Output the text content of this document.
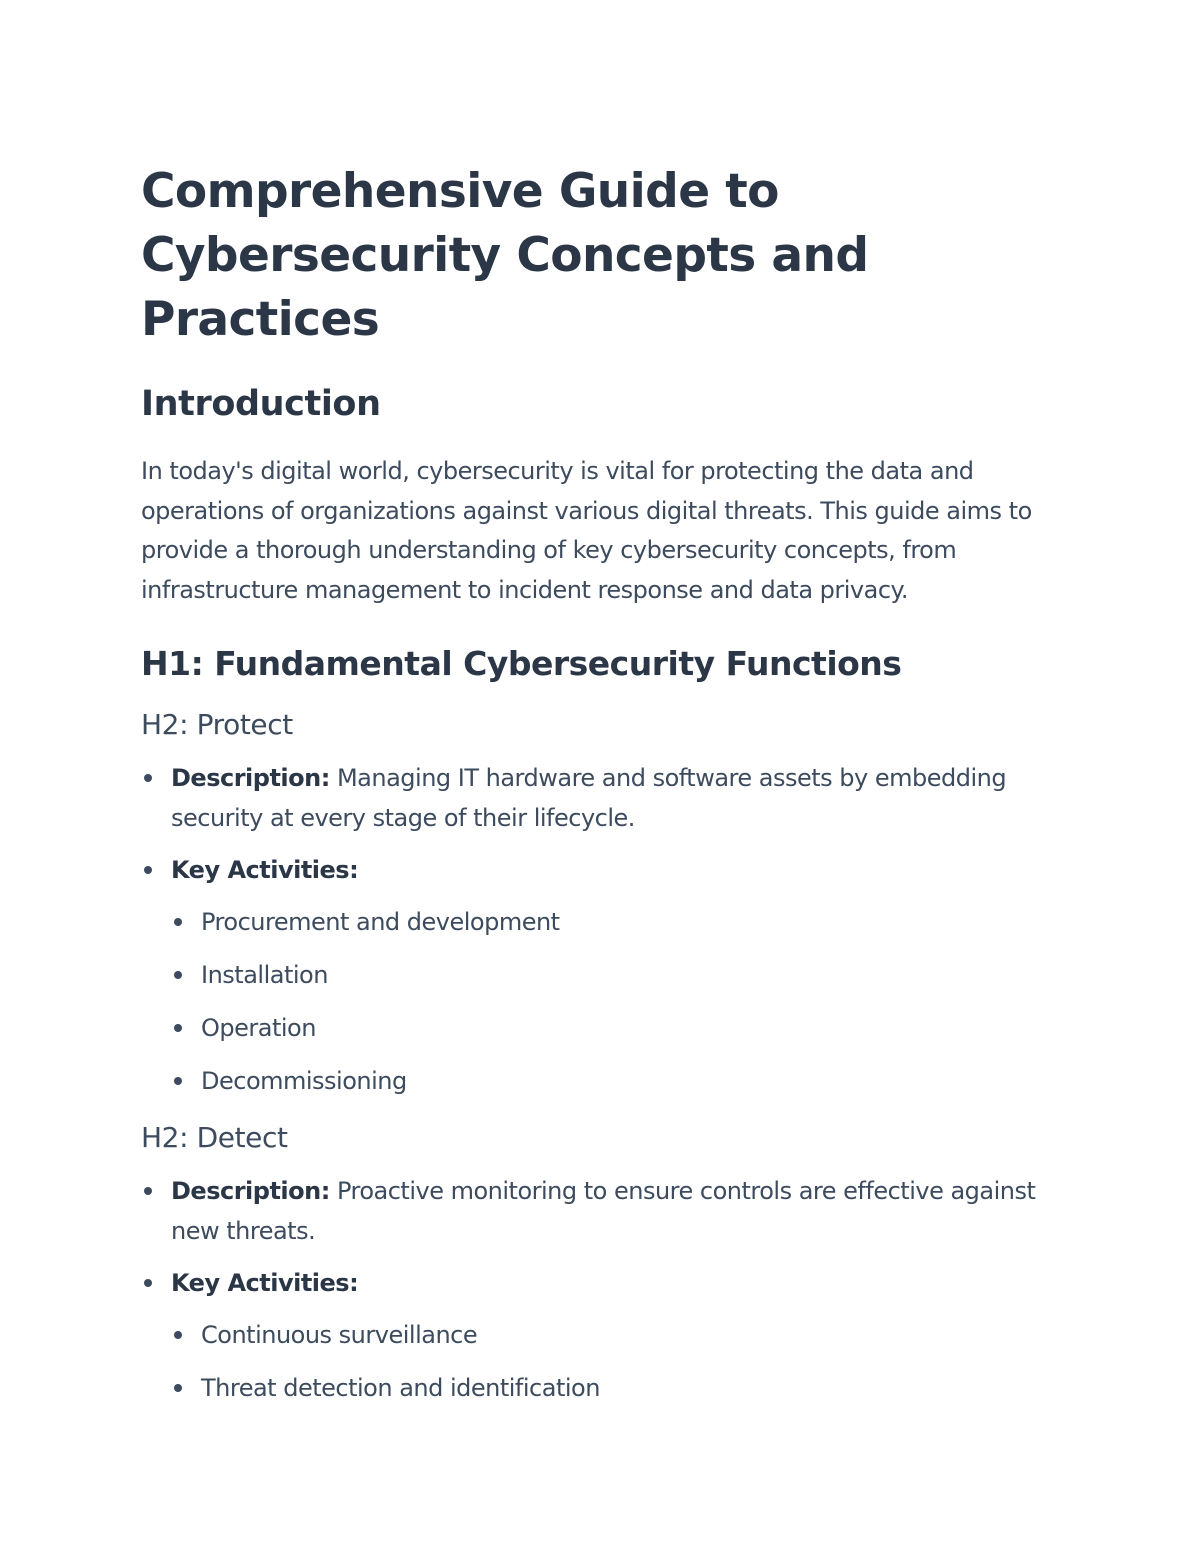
Comprehensive Guide to Cybersecurity Concepts and Practices
Introduction

In today's digital world, cybersecurity is vital for protecting the data and operations of organizations against various digital threats. This guide aims to provide a thorough understanding of key cybersecurity concepts, from infrastructure management to incident response and data privacy.

H1: Fundamental Cybersecurity Functions
H2: Protect
Description: Managing IT hardware and software assets by embedding security at every stage of their lifecycle.
Key Activities:
Procurement and development
Installation
Operation
Decommissioning
H2: Detect
Description: Proactive monitoring to ensure controls are effective against new threats.
Key Activities:
Continuous surveillance
Threat detection and identification
